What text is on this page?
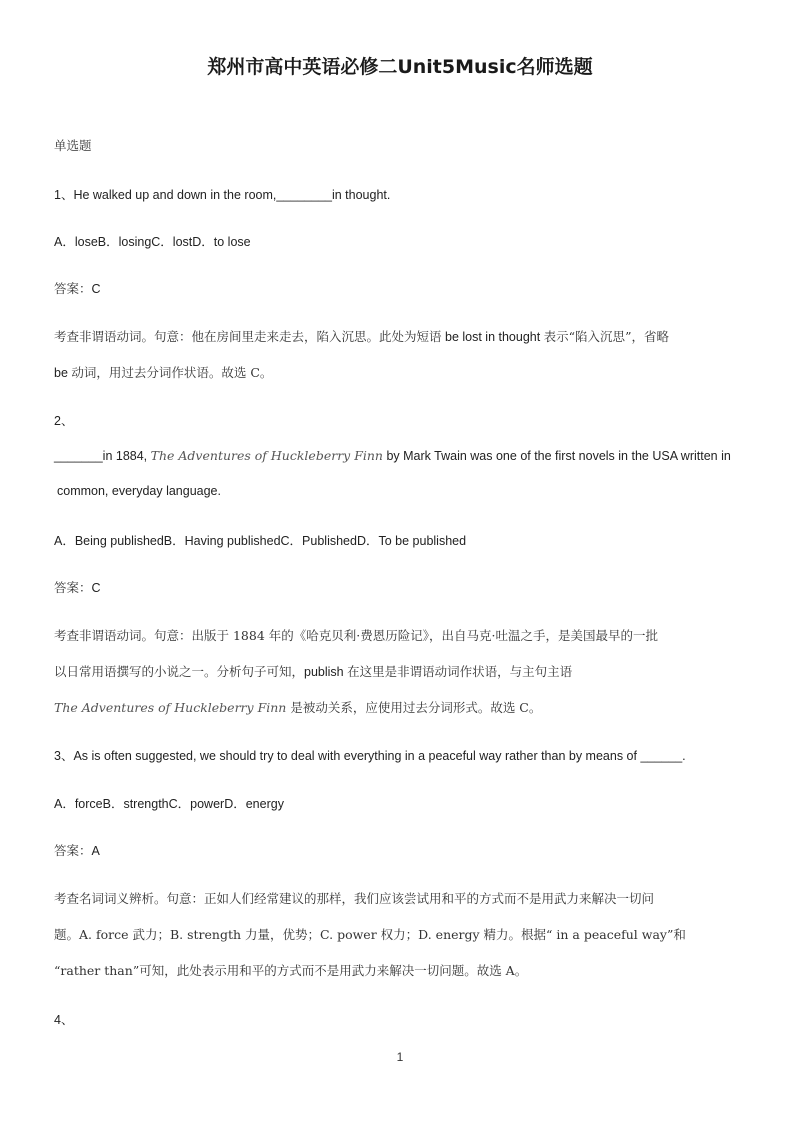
郑州市高中英语必修二Unit5Music名师选题
单选题
1、He walked up and down in the room,________in thought.
A．loseB．losingC．lostD．to lose
答案：C
考查非谓语动词。句意：他在房间里走来走去，陷入沉思。此处为短语 be lost in thought 表示“陷入沉思”，省略
be 动词，用过去分词作状语。故选 C。
2、
_______in 1884, The Adventures of Huckleberry Finn by Mark Twain was one of the first novels in the USA written in
common, everyday language.
A．Being publishedB．Having publishedC．PublishedD．To be published
答案：C
考查非谓语动词。句意：出版于 1884 年的《哈克贝利·费恩历险记》，出自马克·吐温之手，是美国最早的一批
以日常用语撰写的小说之一。分析句子可知，publish 在这里是非谓语动词作状语，与主句主语
The Adventures of Huckleberry Finn 是被动关系，应使用过去分词形式。故选 C。
3、As is often suggested, we should try to deal with everything in a peaceful way rather than by means of ______.
A．forceB．strengthC．powerD．energy
答案：A
考查名词词义辨析。句意：正如人们经常建议的那样，我们应该尝试用和平的方式而不是用武力来解决一切问
题。A. force 武力；B. strength 力量，优势；C. power 权力；D. energy 精力。根据“ in a peaceful way”和
“rather than”可知，此处表示用和平的方式而不是用武力来解决一切问题。故选 A。
4、
1
